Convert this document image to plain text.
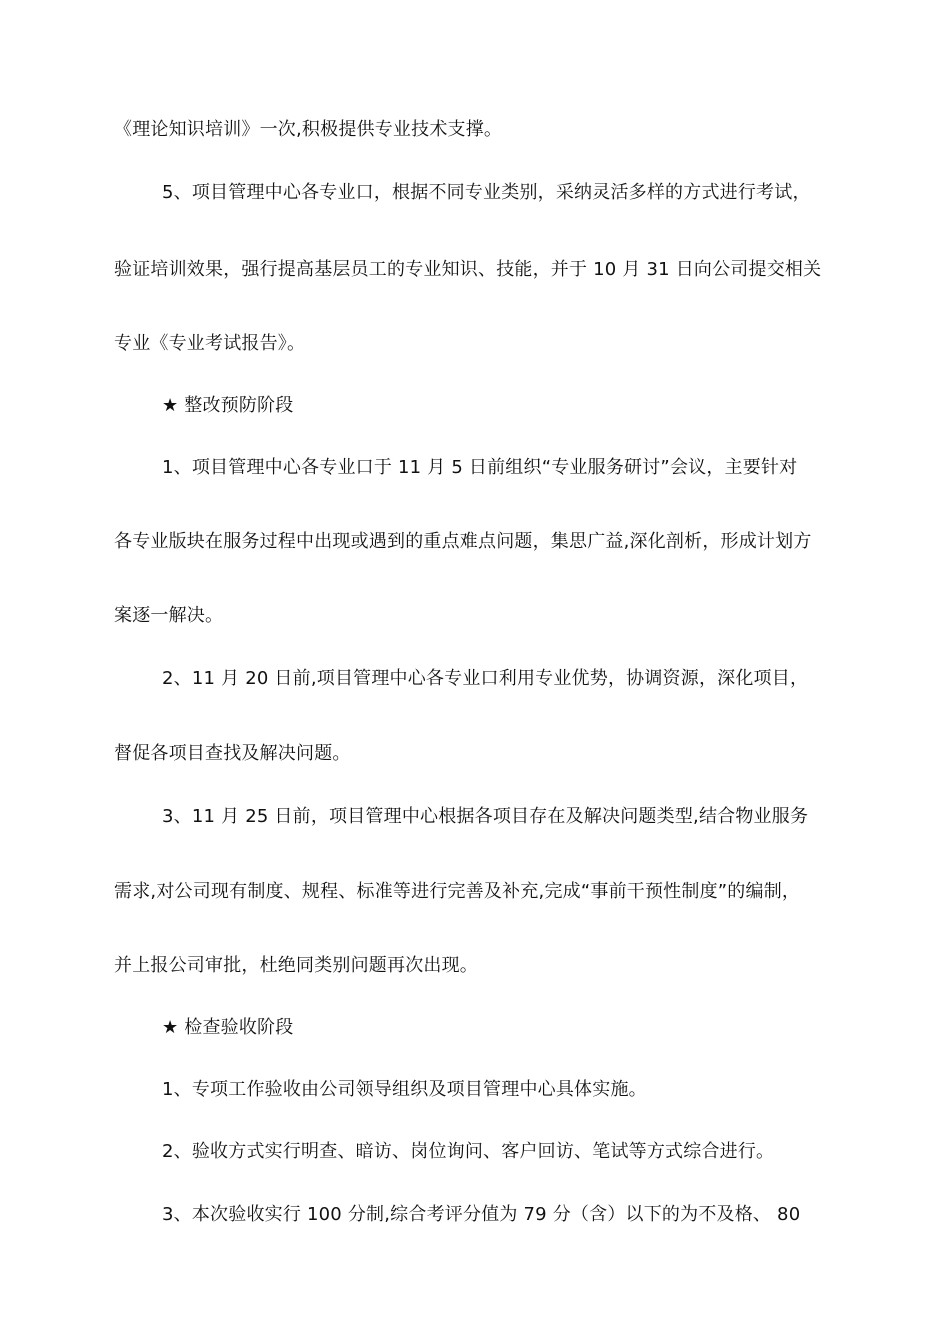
《理论知识培训》一次,积极提供专业技术支撑。
5、项目管理中心各专业口，根据不同专业类别，采纳灵活多样的方式进行考试，
验证培训效果，强行提高基层员工的专业知识、技能，并于 10 月 31 日向公司提交相关
专业《专业考试报告》。
★ 整改预防阶段
1、项目管理中心各专业口于 11 月 5 日前组织“专业服务研讨”会议，主要针对
各专业版块在服务过程中出现或遇到的重点难点问题，集思广益,深化剖析，形成计划方
案逐一解决。
2、11 月 20 日前,项目管理中心各专业口利用专业优势，协调资源，深化项目，
督促各项目查找及解决问题。
3、11 月 25 日前，项目管理中心根据各项目存在及解决问题类型,结合物业服务
需求,对公司现有制度、规程、标准等进行完善及补充,完成“事前干预性制度”的编制，
并上报公司审批，杜绝同类别问题再次出现。
★ 检查验收阶段
1、专项工作验收由公司领导组织及项目管理中心具体实施。
2、验收方式实行明查、暗访、岗位询问、客户回访、笔试等方式综合进行。
3、本次验收实行 100 分制,综合考评分值为 79 分（含）以下的为不及格、 80
